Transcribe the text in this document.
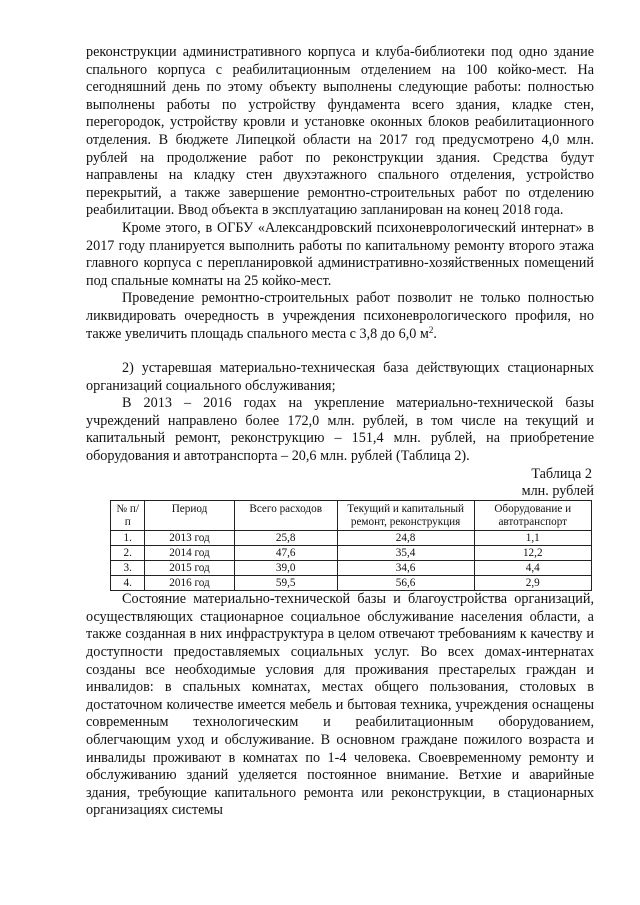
реконструкции административного корпуса и клуба-библиотеки под одно здание спального корпуса с реабилитационным отделением на 100 койко-мест. На сегодняшний день по этому объекту выполнены следующие работы: полностью выполнены работы по устройству фундамента всего здания, кладке стен, перегородок, устройству кровли и установке оконных блоков реабилитационного отделения. В бюджете Липецкой области на 2017 год предусмотрено 4,0 млн. рублей на продолжение работ по реконструкции здания. Средства будут направлены на кладку стен двухэтажного спального отделения, устройство перекрытий, а также завершение ремонтно-строительных работ по отделению реабилитации. Ввод объекта в эксплуатацию запланирован на конец 2018 года.

Кроме этого, в ОГБУ «Александровский психоневрологический интернат» в 2017 году планируется выполнить работы по капитальному ремонту второго этажа главного корпуса с перепланировкой административно-хозяйственных помещений под спальные комнаты на 25 койко-мест.

Проведение ремонтно-строительных работ позволит не только полностью ликвидировать очередность в учреждения психоневрологического профиля, но также увеличить площадь спального места с 3,8 до 6,0 $м^2$.

2) устаревшая материально-техническая база действующих стационарных организаций социального обслуживания;

В 2013 – 2016 годах на укрепление материально-технической базы учреждений направлено более 172,0 млн. рублей, в том числе на текущий и капитальный ремонт, реконструкцию – 151,4 млн. рублей, на приобретение оборудования и автотранспорта – 20,6 млн. рублей (Таблица 2).

Таблица 2

млн. рублей

№ п/п	Период	Всего расходов	Текущий и капитальный ремонт, реконструкция	Оборудование и автотранспорт
1.	2013 год	25,8	24,8	1,1
2.	2014 год	47,6	35,4	12,2
3.	2015 год	39,0	34,6	4,4
4.	2016 год	59,5	56,6	2,9

Состояние материально-технической базы и благоустройства организаций, осуществляющих стационарное социальное обслуживание населения области, а также созданная в них инфраструктура в целом отвечают требованиям к качеству и доступности предоставляемых социальных услуг. Во всех домах-интернатах созданы все необходимые условия для проживания престарелых граждан и инвалидов: в спальных комнатах, местах общего пользования, столовых в достаточном количестве имеется мебель и бытовая техника, учреждения оснащены современным технологическим и реабилитационным оборудованием, облегчающим уход и обслуживание. В основном граждане пожилого возраста и инвалиды проживают в комнатах по 1-4 человека. Своевременному ремонту и обслуживанию зданий уделяется постоянное внимание. Ветхие и аварийные здания, требующие капитального ремонта или реконструкции, в стационарных организациях системы
